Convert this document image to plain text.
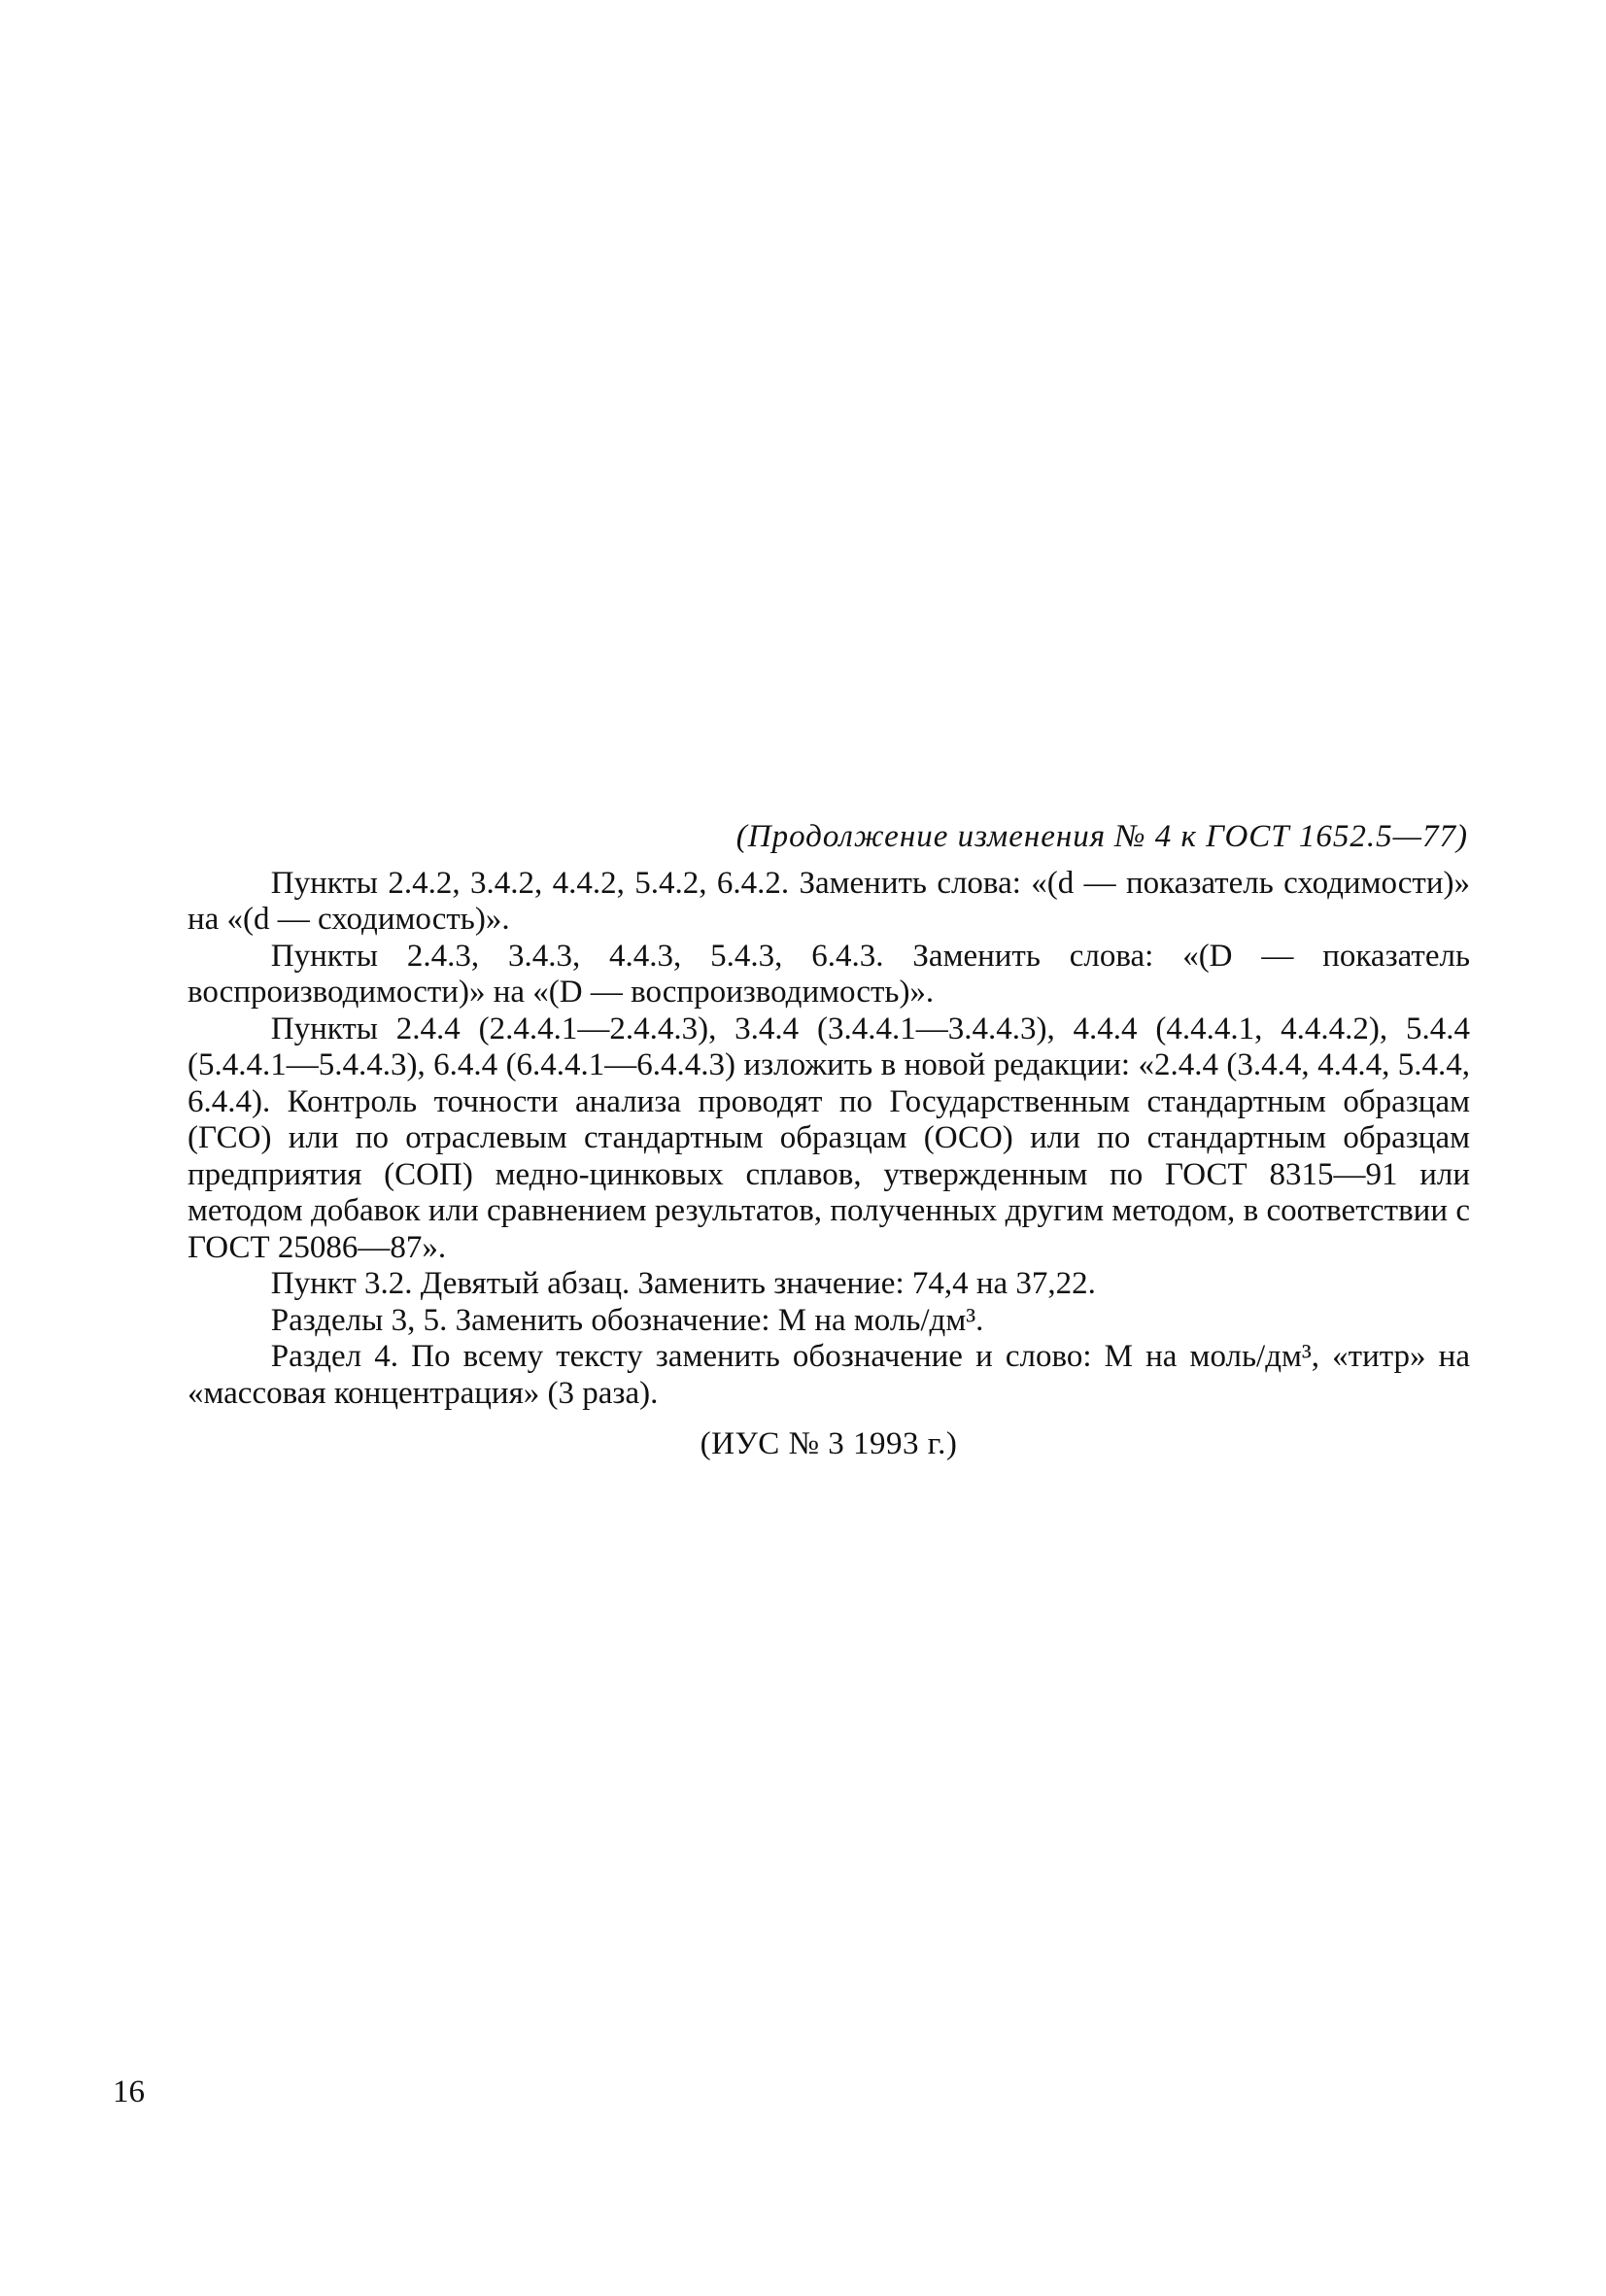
(Продолжение изменения № 4 к ГОСТ 1652.5—77)

Пункты 2.4.2, 3.4.2, 4.4.2, 5.4.2, 6.4.2. Заменить слова: «(d — показатель сходимости)» на «(d — сходимость)».

Пункты 2.4.3, 3.4.3, 4.4.3, 5.4.3, 6.4.3. Заменить слова: «(D — показатель воспроизводимости)» на «(D — воспроизводимость)».

Пункты 2.4.4 (2.4.4.1—2.4.4.3), 3.4.4 (3.4.4.1—3.4.4.3), 4.4.4 (4.4.4.1, 4.4.4.2), 5.4.4 (5.4.4.1—5.4.4.3), 6.4.4 (6.4.4.1—6.4.4.3) изложить в новой редакции: «2.4.4 (3.4.4, 4.4.4, 5.4.4, 6.4.4). Контроль точности анализа проводят по Государственным стандартным образцам (ГСО) или по отраслевым стандартным образцам (ОСО) или по стандартным образцам предприятия (СОП) медно-цинковых сплавов, утвержденным по ГОСТ 8315—91 или методом добавок или сравнением результатов, полученных другим методом, в соответствии с ГОСТ 25086—87».

Пункт 3.2. Девятый абзац. Заменить значение: 74,4 на 37,22.

Разделы 3, 5. Заменить обозначение: М на моль/дм³.

Раздел 4. По всему тексту заменить обозначение и слово: М на моль/дм³, «титр» на «массовая концентрация» (3 раза).

(ИУС № 3 1993 г.)
16
